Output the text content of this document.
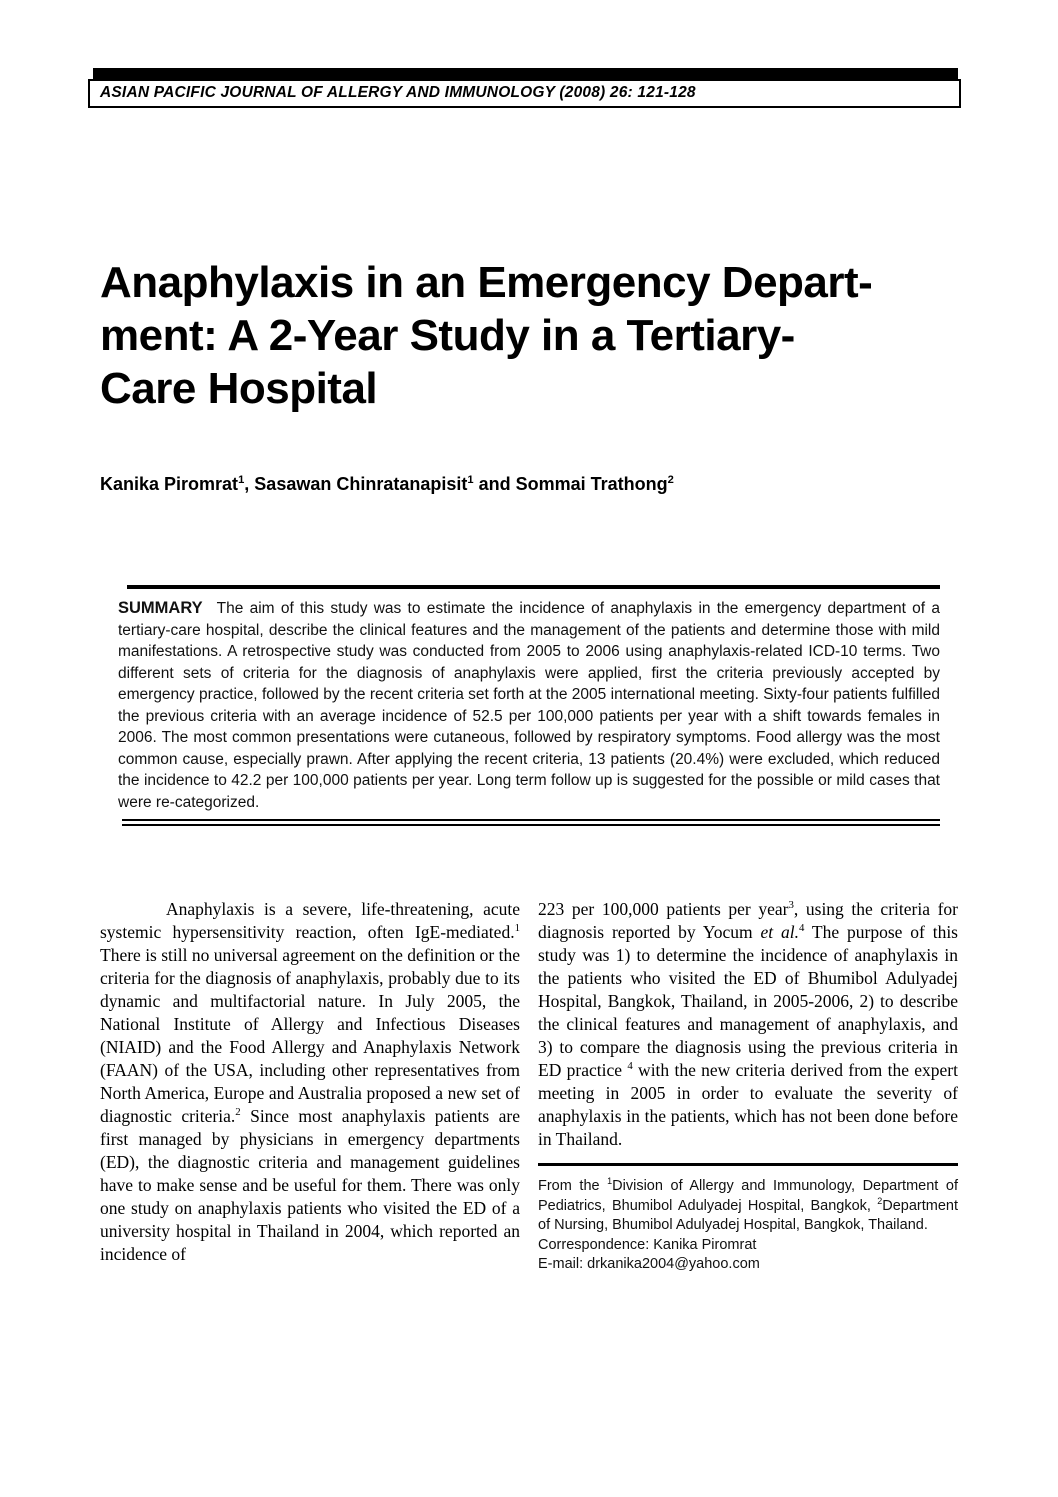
ASIAN PACIFIC JOURNAL OF ALLERGY AND IMMUNOLOGY (2008) 26: 121-128
Anaphylaxis in an Emergency Depart-
ment: A 2-Year Study in a Tertiary-
Care Hospital
Kanika Piromrat$^1$, Sasawan Chinratanapisit$^1$ and Sommai Trathong$^2$
SUMMARY The aim of this study was to estimate the incidence of anaphylaxis in the emergency department of a tertiary-care hospital, describe the clinical features and the management of the patients and determine those with mild manifestations. A retrospective study was conducted from 2005 to 2006 using anaphylaxis-related ICD-10 terms. Two different sets of criteria for the diagnosis of anaphylaxis were applied, first the criteria previously accepted by emergency practice, followed by the recent criteria set forth at the 2005 international meeting. Sixty-four patients fulfilled the previous criteria with an average incidence of 52.5 per 100,000 patients per year with a shift towards females in 2006. The most common presentations were cutaneous, followed by respiratory symptoms. Food allergy was the most common cause, especially prawn. After applying the recent criteria, 13 patients (20.4%) were excluded, which reduced the incidence to 42.2 per 100,000 patients per year. Long term follow up is suggested for the possible or mild cases that were re-categorized.

Anaphylaxis is a severe, life-threatening, acute systemic hypersensitivity reaction, often IgE-mediated.$^1$ There is still no universal agreement on the definition or the criteria for the diagnosis of anaphylaxis, probably due to its dynamic and multifactorial nature. In July 2005, the National Institute of Allergy and Infectious Diseases (NIAID) and the Food Allergy and Anaphylaxis Network (FAAN) of the USA, including other representatives from North America, Europe and Australia proposed a new set of diagnostic criteria.$^2$ Since most anaphylaxis patients are first managed by physicians in emergency departments (ED), the diagnostic criteria and management guidelines have to make sense and be useful for them. There was only one study on anaphylaxis patients who visited the ED of a university hospital in Thailand in 2004, which reported an incidence of

223 per 100,000 patients per year$^3$, using the criteria for diagnosis reported by Yocum et al.$^4$ The purpose of this study was 1) to determine the incidence of anaphylaxis in the patients who visited the ED of Bhumibol Adulyadej Hospital, Bangkok, Thailand, in 2005-2006, 2) to describe the clinical features and management of anaphylaxis, and 3) to compare the diagnosis using the previous criteria in ED practice $^4$ with the new criteria derived from the expert meeting in 2005 in order to evaluate the severity of anaphylaxis in the patients, which has not been done before in Thailand.

From the $^1$Division of Allergy and Immunology, Department of Pediatrics, Bhumibol Adulyadej Hospital, Bangkok, $^2$Department of Nursing, Bhumibol Adulyadej Hospital, Bangkok, Thailand.
Correspondence: Kanika Piromrat
E-mail: drkanika2004@yahoo.com
